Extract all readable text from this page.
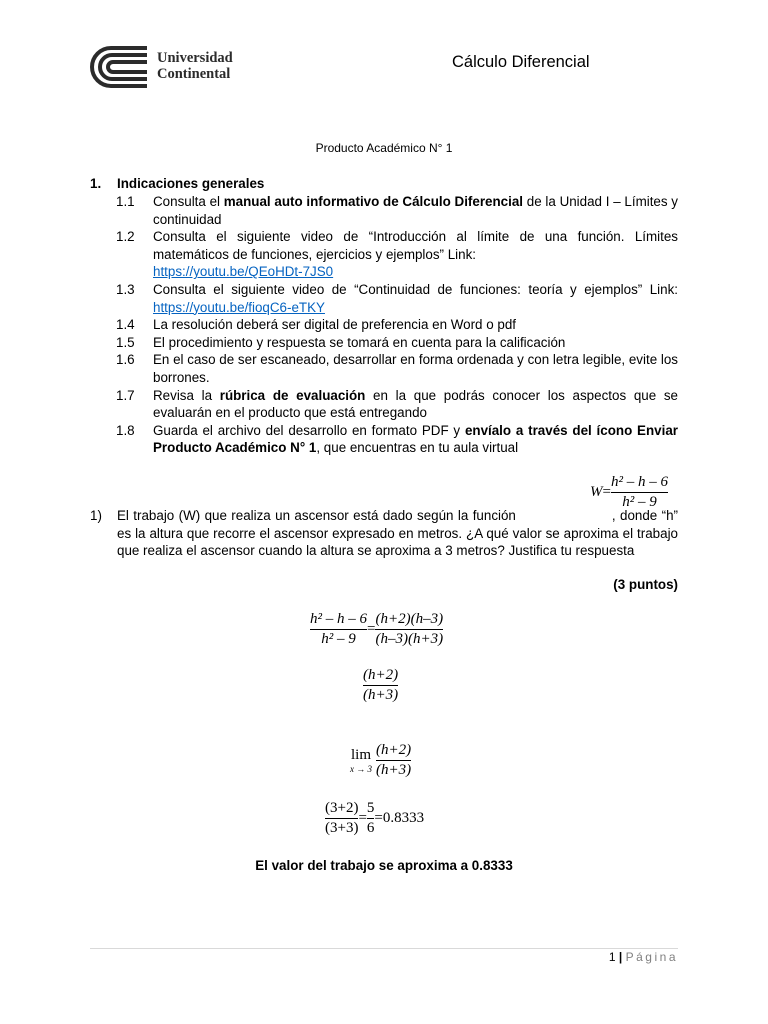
Universidad
Continental
Cálculo Diferencial
Producto Académico N° 1
1. Indicaciones generales
1.1	Consulta el manual auto informativo de Cálculo Diferencial de la Unidad I – Límites y continuidad
1.2	Consulta el siguiente video de “Introducción al límite de una función. Límites matemáticos de funciones, ejercicios y ejemplos” Link:
https://youtu.be/QEoHDt-7JS0
1.3	Consulta el siguiente video de “Continuidad de funciones: teoría y ejemplos” Link: https://youtu.be/fioqC6-eTKY
1.4	La resolución deberá ser digital de preferencia en Word o pdf
1.5	El procedimiento y respuesta se tomará en cuenta para la calificación
1.6	En el caso de ser escaneado, desarrollar en forma ordenada y con letra legible, evite los borrones.
1.7	Revisa la rúbrica de evaluación en la que podrás conocer los aspectos que se evaluarán en el producto que está entregando
1.8	Guarda el archivo del desarrollo en formato PDF y envíalo a través del ícono Enviar Producto Académico N° 1, que encuentras en tu aula virtual
$W= \frac{\text{h² – h – 6}}{\text{h² – 9}}$
1) El trabajo (W) que realiza un ascensor está dado según la función	, donde “h” es la altura que recorre el ascensor expresado en metros. ¿A qué valor se aproxima el trabajo que realiza el ascensor cuando la altura se aproxima a 3 metros? Justifica tu respuesta
(3 puntos)
$\frac{\text{h² – h – 6}}{\text{h² – 9}} = \frac{(h+2)(h-3)}{(h-3)(h+3)}$
$\frac{(h+2)}{(h+3)}$
lim
$x \to 3 \frac{(h+2)}{(h+3)}$
$\frac{(3+2)}{(3+3)} = \frac{5}{6} =0.8333$
El valor del trabajo se aproxima a 0.8333
1 | Página
